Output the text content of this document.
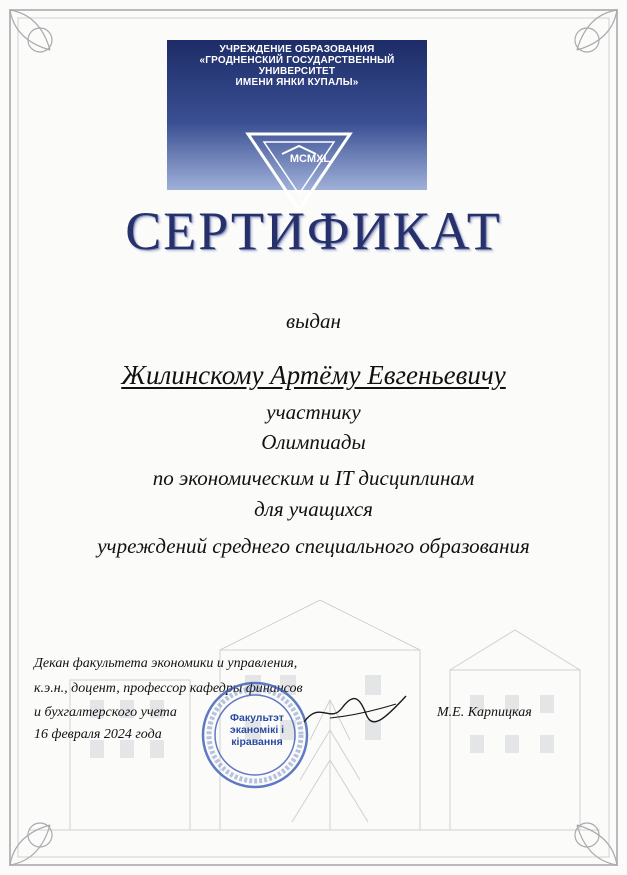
УЧРЕЖДЕНИЕ ОБРАЗОВАНИЯ
«ГРОДНЕНСКИЙ ГОСУДАРСТВЕННЫЙ
УНИВЕРСИТЕТ
ИМЕНИ ЯНКИ КУПАЛЫ»
MCMXL
СЕРТИФИКАТ
выдан
Жилинскому Артёму Евгеньевичу
участнику
Олимпиады
по экономическим и IT дисциплинам
для учащихся
учреждений среднего специального образования
Декан факультета экономики и управления,
к.э.н., доцент, профессор кафедры финансов
и бухгалтерского учета
16 февраля 2024 года
М.Е. Карпицкая
Факультэт
эканомікі і
кіравання
